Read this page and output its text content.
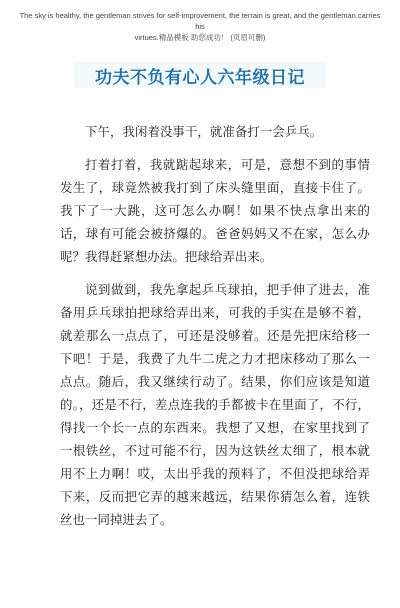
The sky is healthy, the gentleman strives for self-improvement, the terrain is great, and the gentleman carries his
virtues.精品模板 助您成功！ (页眉可删)
功夫不负有心人六年级日记

下午，我闲着没事干，就准备打一会乒乓。

打着打着，我就踮起球来，可是，意想不到的事情发生了，球竟然被我打到了床头缝里面，直接卡住了。我下了一大跳，这可怎么办啊！如果不快点拿出来的话，球有可能会被挤爆的。爸爸妈妈又不在家，怎么办呢？我得赶紧想办法。把球给弄出来。

说到做到，我先拿起乒乓球拍，把手伸了进去，准备用乒乓球拍把球给弄出来，可我的手实在是够不着，就差那么一点点了，可还是没够着。还是先把床给移一下吧！于是，我费了九牛二虎之力才把床移动了那么一点点。随后，我又继续行动了。结果，你们应该是知道的。，还是不行，差点连我的手都被卡在里面了，不行，得找一个长一点的东西来。我想了又想，在家里找到了一根铁丝，不过可能不行，因为这铁丝太细了，根本就用不上力啊！哎，太出乎我的预料了，不但没把球给弄下来，反而把它弄的越来越远，结果你猜怎么着，连铁丝也一同掉进去了。
